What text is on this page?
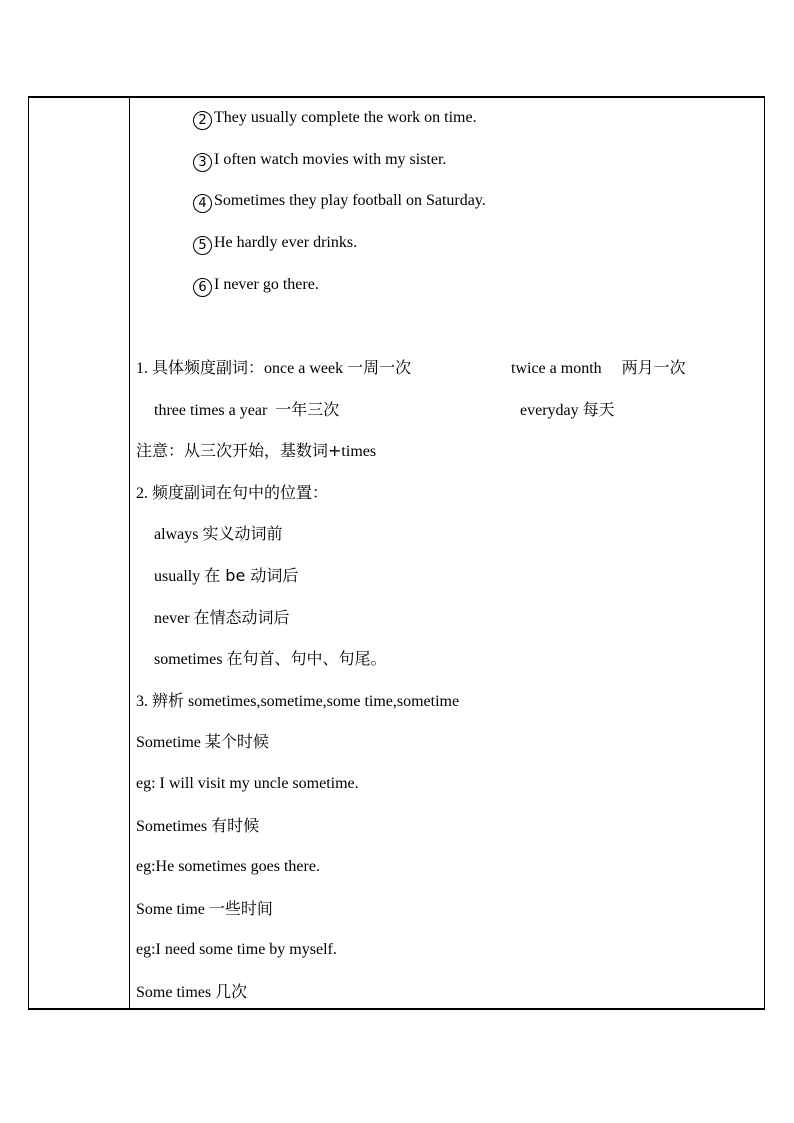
2 They usually complete the work on time.
3 I often watch movies with my sister.
4 Sometimes they play football on Saturday.
5 He hardly ever drinks.
6 I never go there.
1. 具体频度副词：once a week 一周一次	twice a month 两月一次
three times a year 一年三次	everyday 每天
注意：从三次开始，基数词+times
2. 频度副词在句中的位置：
always 实义动词前
usually 在 be 动词后
never 在情态动词后
sometimes 在句首、句中、句尾。
3. 辨析 sometimes,sometime,some time,sometime
Sometime 某个时候
eg: I will visit my uncle sometime.
Sometimes 有时候
eg:He sometimes goes there.
Some time 一些时间
eg:I need some time by myself.
Some times 几次
